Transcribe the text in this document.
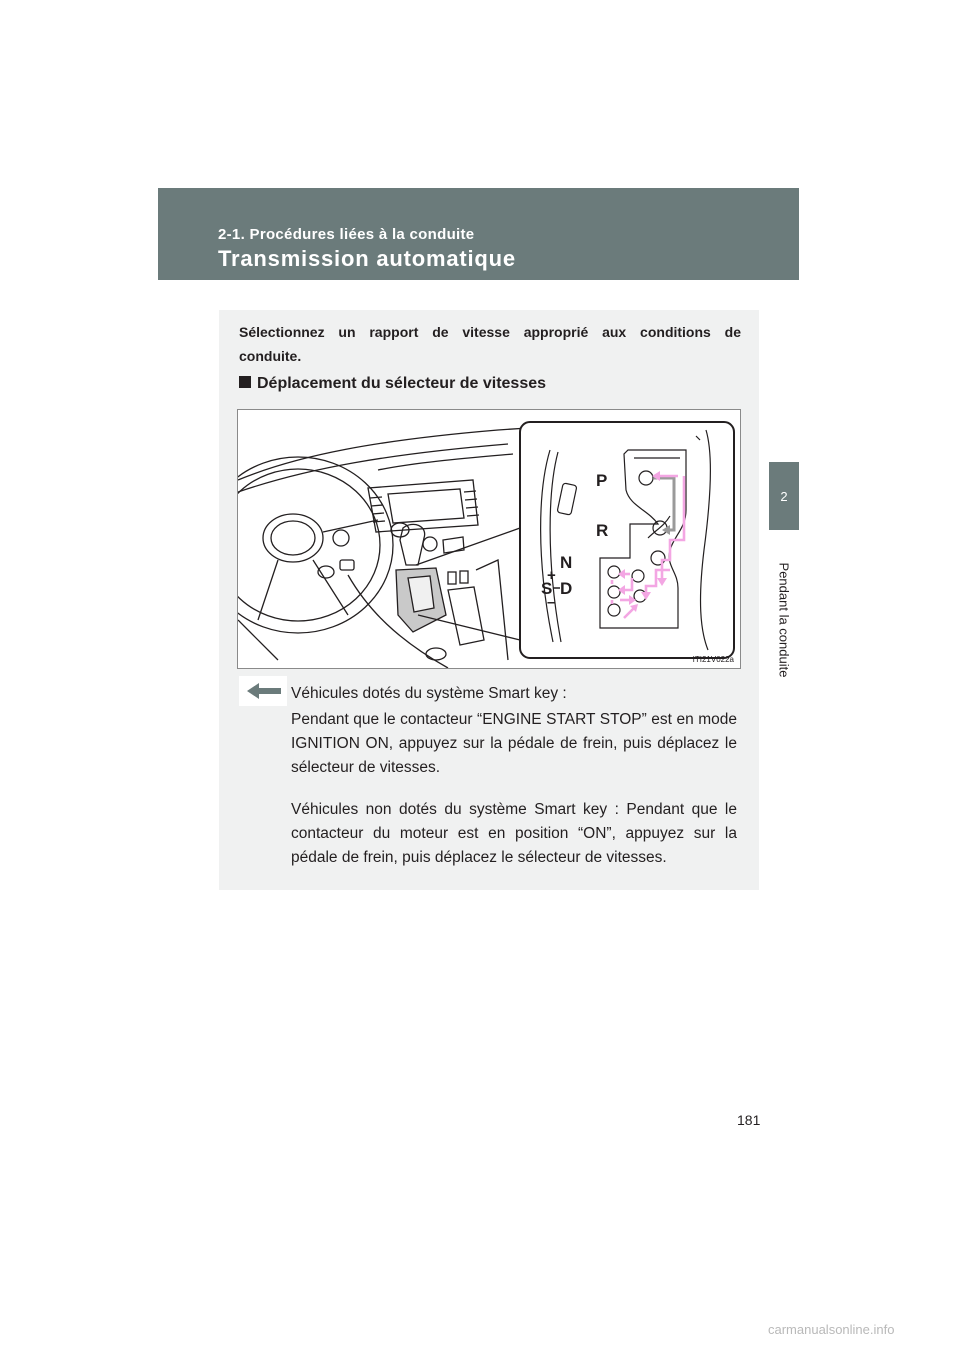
2-1. Procédures liées à la conduite
Transmission automatique
2
Pendant la conduite
Sélectionnez un rapport de vitesse approprié aux conditions de
conduite.
Déplacement du sélecteur de vitesses
P
R
N
D
S
+
–
ITI21V022a
Véhicules dotés du système Smart key :
Pendant que le contacteur “ENGINE START STOP” est en mode IGNITION ON, appuyez sur la pédale de frein, puis déplacez le sélecteur de vitesses.
Véhicules non dotés du système Smart key : Pendant que le contacteur du moteur est en position “ON”, appuyez sur la pédale de frein, puis déplacez le sélecteur de vitesses.
181
carmanualsonline.info
